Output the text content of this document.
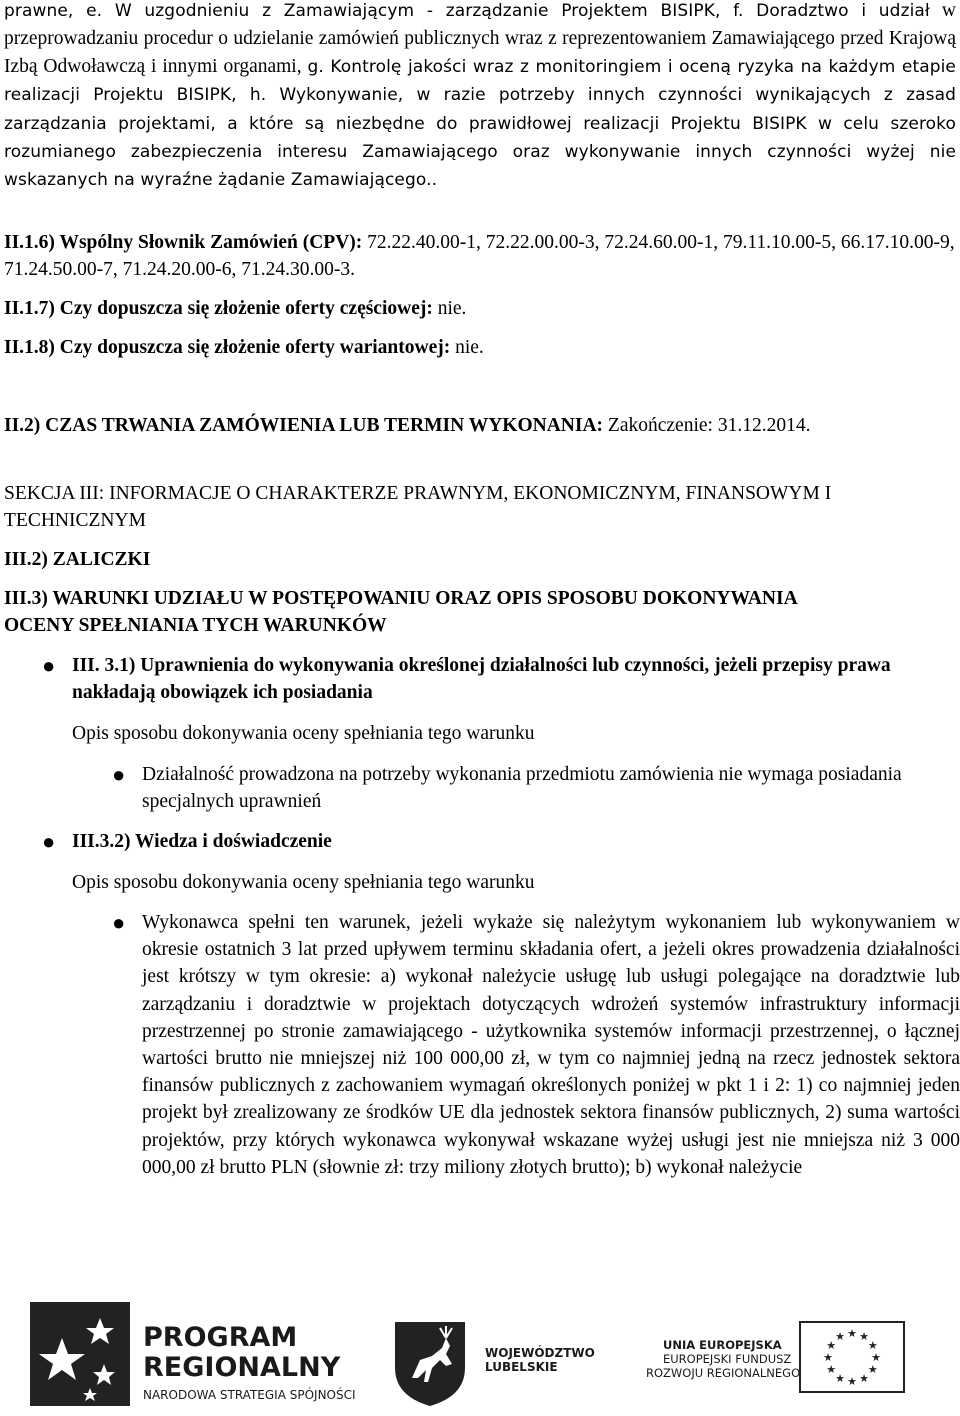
prawne, e. W uzgodnieniu z Zamawiającym - zarządzanie Projektem BISIPK, f. Doradztwo i udział w przeprowadzaniu procedur o udzielanie zamówień publicznych wraz z reprezentowaniem Zamawiającego przed Krajową Izbą Odwoławczą i innymi organami, g. Kontrolę jakości wraz z monitoringiem i oceną ryzyka na każdym etapie realizacji Projektu BISIPK, h. Wykonywanie, w razie potrzeby innych czynności wynikających z zasad zarządzania projektami, a które są niezbędne do prawidłowej realizacji Projektu BISIPK w celu szeroko rozumianego zabezpieczenia interesu Zamawiającego oraz wykonywanie innych czynności wyżej nie wskazanych na wyraźne żądanie Zamawiającego..

II.1.6) Wspólny Słownik Zamówień (CPV): 72.22.40.00-1, 72.22.00.00-3, 72.24.60.00-1, 79.11.10.00-5, 66.17.10.00-9, 71.24.50.00-7, 71.24.20.00-6, 71.24.30.00-3.

II.1.7) Czy dopuszcza się złożenie oferty częściowej: nie.

II.1.8) Czy dopuszcza się złożenie oferty wariantowej: nie.

II.2) CZAS TRWANIA ZAMÓWIENIA LUB TERMIN WYKONANIA: Zakończenie: 31.12.2014.

SEKCJA III: INFORMACJE O CHARAKTERZE PRAWNYM, EKONOMICZNYM, FINANSOWYM I TECHNICZNYM

III.2) ZALICZKI

III.3) WARUNKI UDZIAŁU W POSTĘPOWANIU ORAZ OPIS SPOSOBU DOKONYWANIA OCENY SPEŁNIANIA TYCH WARUNKÓW

● III. 3.1) Uprawnienia do wykonywania określonej działalności lub czynności, jeżeli przepisy prawa nakładają obowiązek ich posiadania

Opis sposobu dokonywania oceny spełniania tego warunku

● Działalność prowadzona na potrzeby wykonania przedmiotu zamówienia nie wymaga posiadania specjalnych uprawnień

● III.3.2) Wiedza i doświadczenie

Opis sposobu dokonywania oceny spełniania tego warunku

● Wykonawca spełni ten warunek, jeżeli wykaże się należytym wykonaniem lub wykonywaniem w okresie ostatnich 3 lat przed upływem terminu składania ofert, a jeżeli okres prowadzenia działalności jest krótszy w tym okresie: a) wykonał należycie usługę lub usługi polegające na doradztwie lub zarządzaniu i doradztwie w projektach dotyczących wdrożeń systemów infrastruktury informacji przestrzennej po stronie zamawiającego - użytkownika systemów informacji przestrzennej, o łącznej wartości brutto nie mniejszej niż 100 000,00 zł, w tym co najmniej jedną na rzecz jednostek sektora finansów publicznych z zachowaniem wymagań określonych poniżej w pkt 1 i 2: 1) co najmniej jeden projekt był zrealizowany ze środków UE dla jednostek sektora finansów publicznych, 2) suma wartości projektów, przy których wykonawca wykonywał wskazane wyżej usługi jest nie mniejsza niż 3 000 000,00 zł brutto PLN (słownie zł: trzy miliony złotych brutto); b) wykonał należycie

PROGRAM
REGIONALNY
NARODOWA STRATEGIA SPÓJNOŚCI
WOJEWÓDZTWO
LUBELSKIE
UNIA EUROPEJSKA
EUROPEJSKI FUNDUSZ
ROZWOJU REGIONALNEGO
★
★
★
★
★
★
★
★
★ ★ ★
★
